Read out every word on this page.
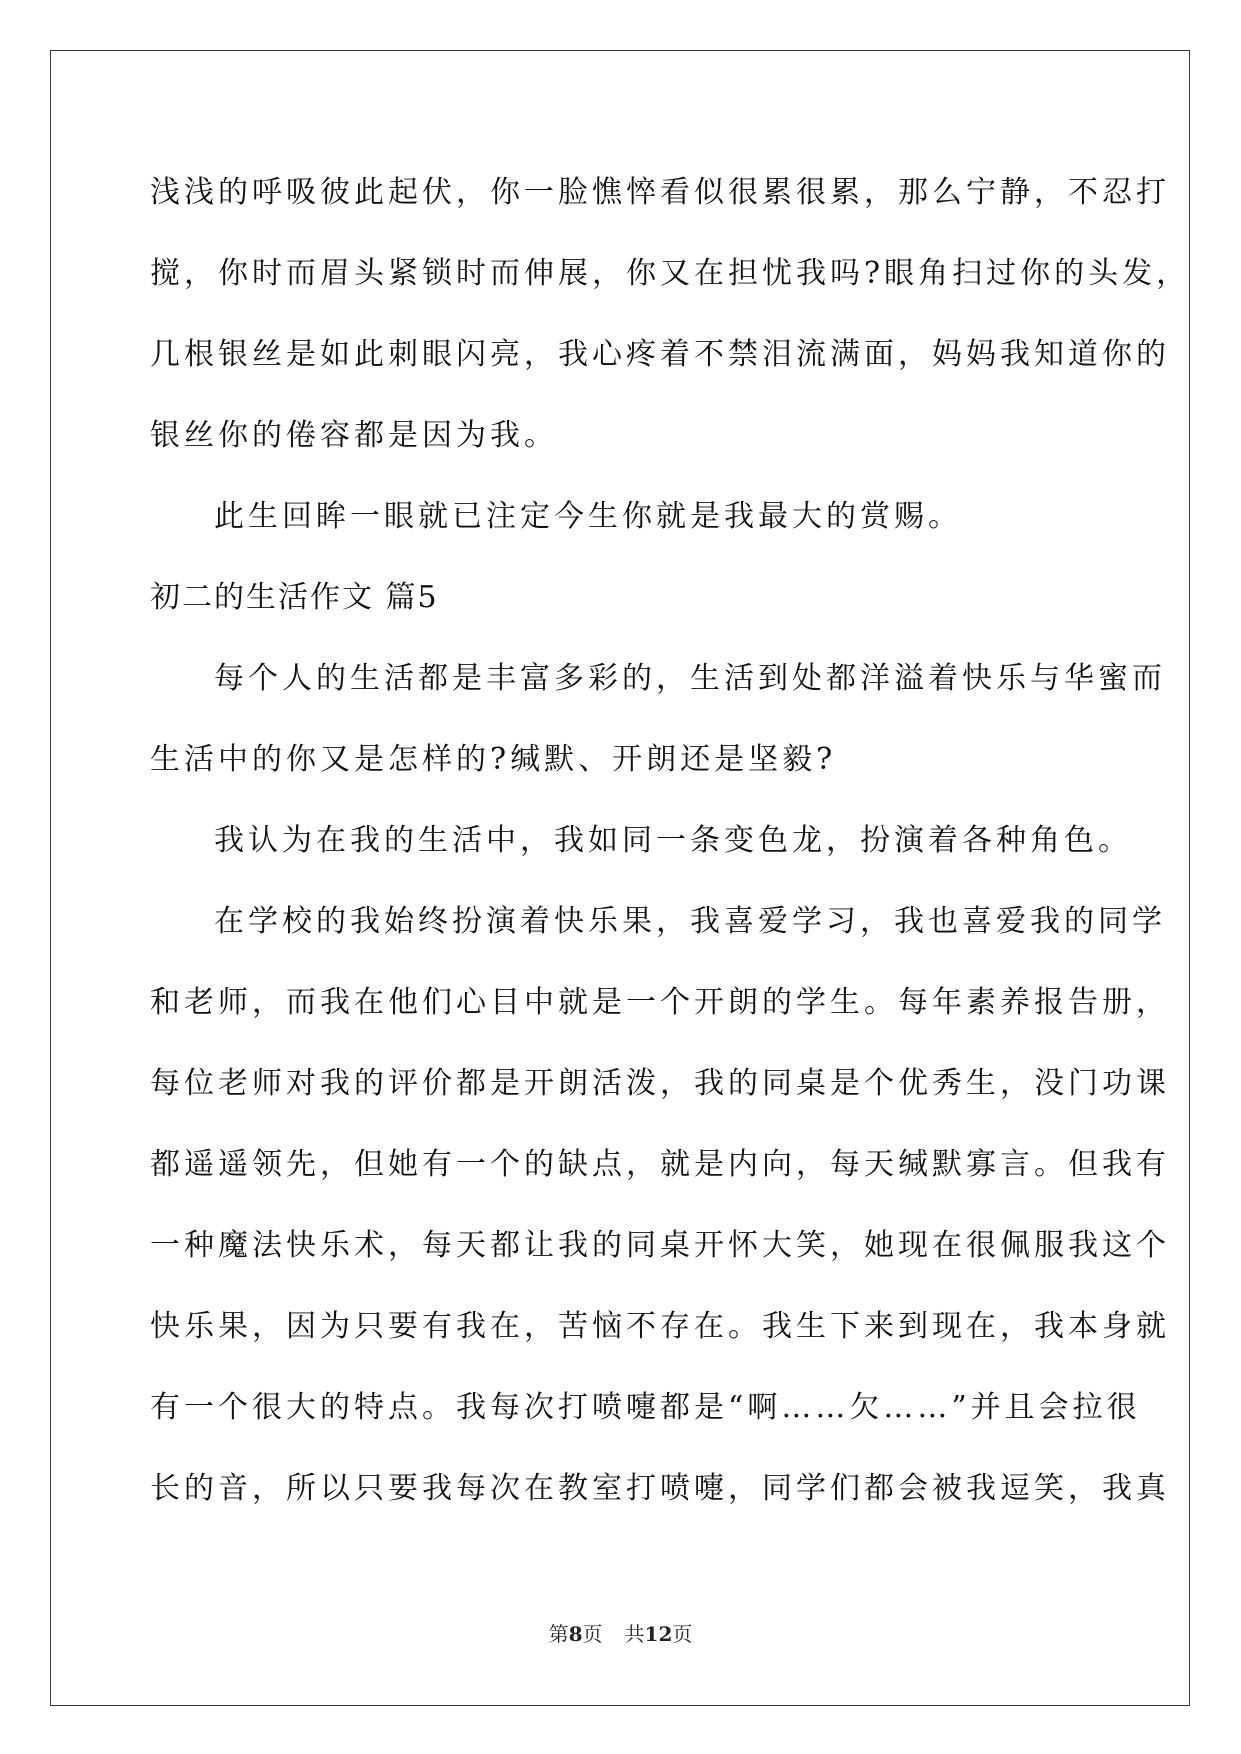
浅浅的呼吸彼此起伏，你一脸憔悴看似很累很累，那么宁静，不忍打
搅，你时而眉头紧锁时而伸展，你又在担忧我吗?眼角扫过你的头发，
几根银丝是如此刺眼闪亮，我心疼着不禁泪流满面，妈妈我知道你的
银丝你的倦容都是因为我。
此生回眸一眼就已注定今生你就是我最大的赏赐。
初二的生活作文 篇5
每个人的生活都是丰富多彩的，生活到处都洋溢着快乐与华蜜而
生活中的你又是怎样的?缄默、开朗还是坚毅?
我认为在我的生活中，我如同一条变色龙，扮演着各种角色。
在学校的我始终扮演着快乐果，我喜爱学习，我也喜爱我的同学
和老师，而我在他们心目中就是一个开朗的学生。每年素养报告册，
每位老师对我的评价都是开朗活泼，我的同桌是个优秀生，没门功课
都遥遥领先，但她有一个的缺点，就是内向，每天缄默寡言。但我有
一种魔法快乐术，每天都让我的同桌开怀大笑，她现在很佩服我这个
快乐果，因为只要有我在，苦恼不存在。我生下来到现在，我本身就
有一个很大的特点。我每次打喷嚏都是“啊……欠……”并且会拉很
长的音，所以只要我每次在教室打喷嚏，同学们都会被我逗笑，我真
第8页 共12页
